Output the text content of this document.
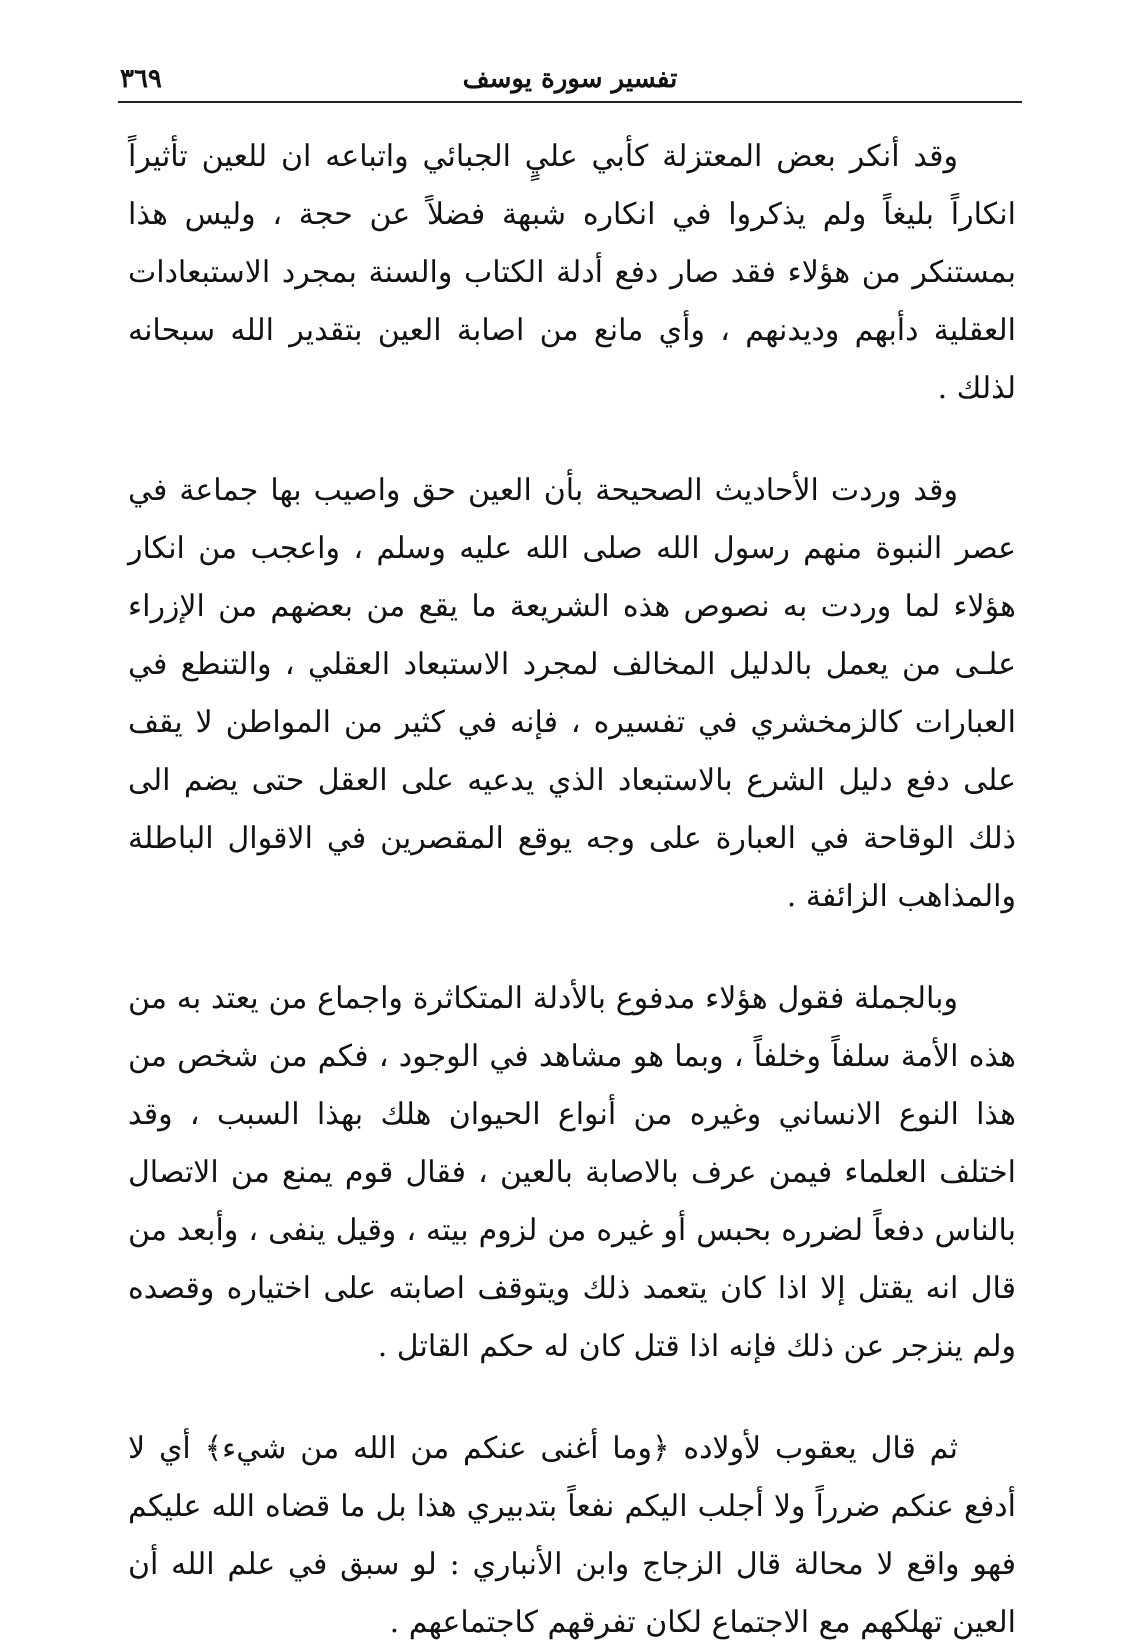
تفسير سورة يوسف
٣٦٩

وقد أنكر بعض المعتزلة كأبي عليٍ الجبائي واتباعه ان للعين تأثيراً انكاراً بليغاً ولم يذكروا في انكاره شبهة فضلاً عن حجة ، وليس هذا بمستنكر من هؤلاء فقد صار دفع أدلة الكتاب والسنة بمجرد الاستبعادات العقلية دأبهم وديدنهم ، وأي مانع من اصابة العين بتقدير الله سبحانه لذلك .

وقد وردت الأحاديث الصحيحة بأن العين حق واصيب بها جماعة في عصر النبوة منهم رسول الله صلى الله عليه وسلم ، واعجب من انكار هؤلاء لما وردت به نصوص هذه الشريعة ما يقع من بعضهم من الإزراء علـى من يعمل بالدليل المخالف لمجرد الاستبعاد العقلي ، والتنطع في العبارات كالزمخشري في تفسيره ، فإنه في كثير من المواطن لا يقف على دفع دليل الشرع بالاستبعاد الذي يدعيه على العقل حتى يضم الى ذلك الوقاحة في العبارة على وجه يوقع المقصرين في الاقوال الباطلة والمذاهب الزائفة .

وبالجملة فقول هؤلاء مدفوع بالأدلة المتكاثرة واجماع من يعتد به من هذه الأمة سلفاً وخلفاً ، وبما هو مشاهد في الوجود ، فكم من شخص من هذا النوع الانساني وغيره من أنواع الحيوان هلك بهذا السبب ، وقد اختلف العلماء فيمن عرف بالاصابة بالعين ، فقال قوم يمنع من الاتصال بالناس دفعاً لضرره بحبس أو غيره من لزوم بيته ، وقيل ينفى ، وأبعد من قال انه يقتل إلا اذا كان يتعمد ذلك ويتوقف اصابته على اختياره وقصده ولم ينزجر عن ذلك فإنه اذا قتل كان له حكم القاتل .

ثم قال يعقوب لأولاده ﴿وما أغنى عنكم من الله من شيء﴾ أي لا أدفع عنكم ضرراً ولا أجلب اليكم نفعاً بتدبيري هذا بل ما قضاه الله عليكم فهو واقع لا محالة قال الزجاج وابن الأنباري : لو سبق في علم الله أن العين تهلكهم مع الاجتماع لكان تفرقهم كاجتماعهم .
